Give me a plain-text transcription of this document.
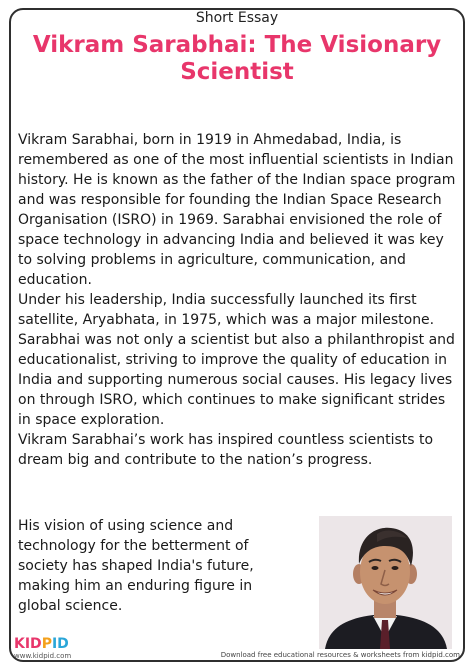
Short Essay
Vikram Sarabhai: The Visionary
Scientist

Vikram Sarabhai, born in 1919 in Ahmedabad, India, is remembered as one of the most influential scientists in Indian history. He is known as the father of the Indian space program and was responsible for founding the Indian Space Research Organisation (ISRO) in 1969. Sarabhai envisioned the role of space technology in advancing India and believed it was key to solving problems in agriculture, communication, and education.

Under his leadership, India successfully launched its first satellite, Aryabhata, in 1975, which was a major milestone. Sarabhai was not only a scientist but also a philanthropist and educationalist, striving to improve the quality of education in India and supporting numerous social causes. His legacy lives on through ISRO, which continues to make significant strides in space exploration.

Vikram Sarabhai’s work has inspired countless scientists to dream big and contribute to the nation’s progress.

His vision of using science and technology for the betterment of society has shaped India's future, making him an enduring figure in global science.
KIDPID
www.kidpid.com	Download free educational resources & worksheets from kidpid.com
